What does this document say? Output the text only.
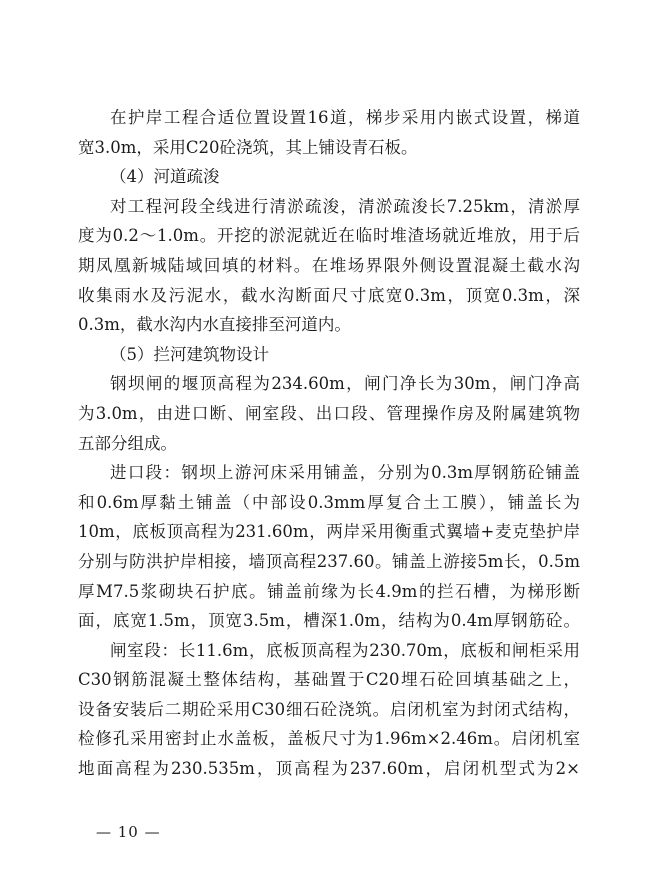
在护岸工程合适位置设置16道，梯步采用内嵌式设置，梯道
宽3.0m，采用C20砼浇筑，其上铺设青石板。
（4）河道疏浚
对工程河段全线进行清淤疏浚，清淤疏浚长7.25km，清淤厚
度为0.2～1.0m。开挖的淤泥就近在临时堆渣场就近堆放，用于后
期凤凰新城陆域回填的材料。在堆场界限外侧设置混凝土截水沟
收集雨水及污泥水，截水沟断面尺寸底宽0.3m，顶宽0.3m，深
0.3m，截水沟内水直接排至河道内。
（5）拦河建筑物设计
钢坝闸的堰顶高程为234.60m，闸门净长为30m，闸门净高
为3.0m，由进口断、闸室段、出口段、管理操作房及附属建筑物
五部分组成。
进口段：钢坝上游河床采用铺盖，分别为0.3m厚钢筋砼铺盖
和0.6m厚黏土铺盖（中部设0.3mm厚复合土工膜），铺盖长为
10m，底板顶高程为231.60m，两岸采用衡重式翼墙+麦克垫护岸
分别与防洪护岸相接，墙顶高程237.60。铺盖上游接5m长，0.5m
厚M7.5浆砌块石护底。铺盖前缘为长4.9m的拦石槽，为梯形断
面，底宽1.5m，顶宽3.5m，槽深1.0m，结构为0.4m厚钢筋砼。
闸室段：长11.6m，底板顶高程为230.70m，底板和闸柜采用
C30钢筋混凝土整体结构，基础置于C20埋石砼回填基础之上，
设备安装后二期砼采用C30细石砼浇筑。启闭机室为封闭式结构，
检修孔采用密封止水盖板，盖板尺寸为1.96m×2.46m。启闭机室
地面高程为230.535m，顶高程为237.60m，启闭机型式为2×
— 10 —
